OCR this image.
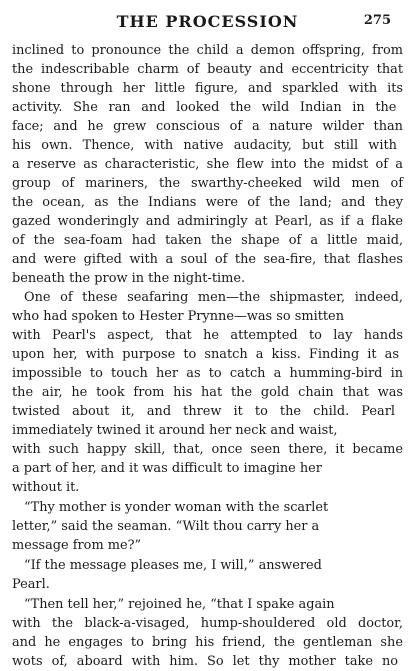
THE PROCESSION	275
inclined to pronounce the child a demon offspring, from
the indescribable charm of beauty and eccentricity that
shone through her little figure, and sparkled with its
activity. She ran and looked the wild Indian in the
face; and he grew conscious of a nature wilder than
his own. Thence, with native audacity, but still with
a reserve as characteristic, she flew into the midst of a
group of mariners, the swarthy-cheeked wild men of
the ocean, as the Indians were of the land; and they
gazed wonderingly and admiringly at Pearl, as if a flake
of the sea-foam had taken the shape of a little maid,
and were gifted with a soul of the sea-fire, that flashes
beneath the prow in the night-time.
One of these seafaring men—the shipmaster, indeed,
who had spoken to Hester Prynne—was so smitten
with Pearl's aspect, that he attempted to lay hands
upon her, with purpose to snatch a kiss. Finding it as
impossible to touch her as to catch a humming-bird in
the air, he took from his hat the gold chain that was
twisted about it, and threw it to the child. Pearl
immediately twined it around her neck and waist,
with such happy skill, that, once seen there, it became
a part of her, and it was difficult to imagine her
without it.
“Thy mother is yonder woman with the scarlet
letter,” said the seaman. “Wilt thou carry her a
message from me?”
“If the message pleases me, I will,” answered
Pearl.
“Then tell her,” rejoined he, “that I spake again
with the black-a-visaged, hump-shouldered old doctor,
and he engages to bring his friend, the gentleman she
wots of, aboard with him. So let thy mother take no
